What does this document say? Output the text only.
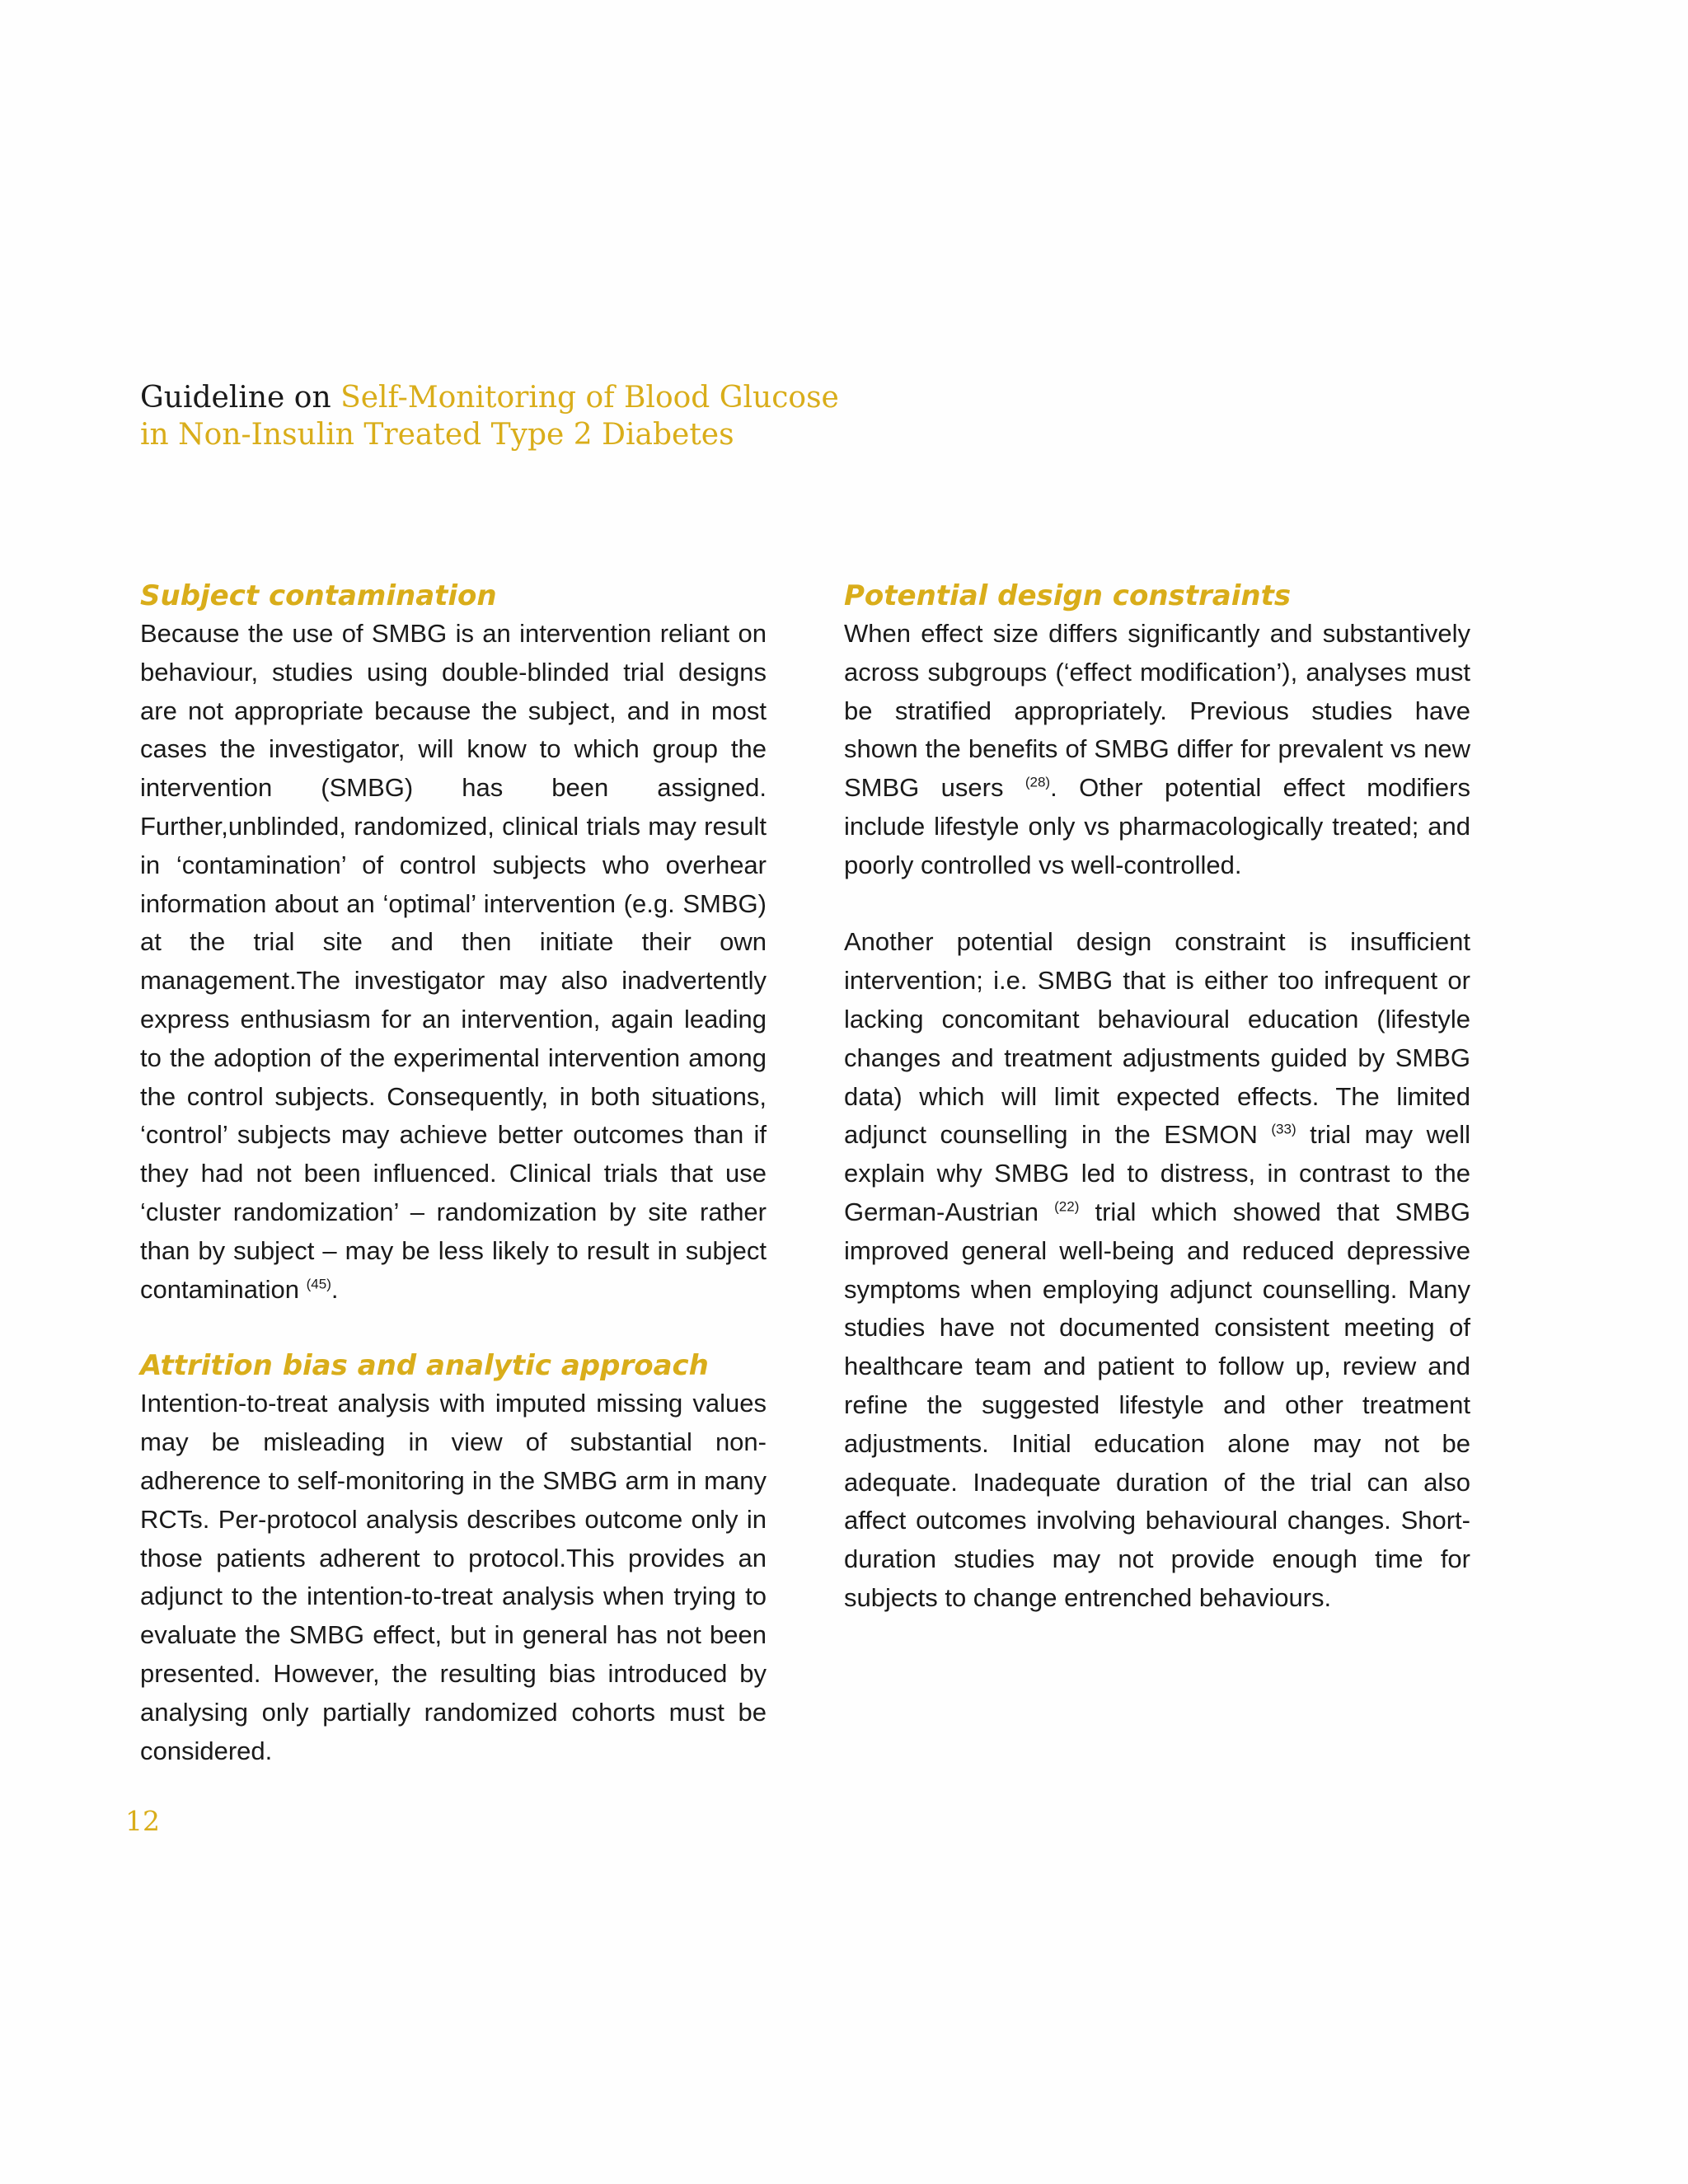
Guideline on Self-Monitoring of Blood Glucose
in Non-Insulin Treated Type 2 Diabetes
Subject contamination

Because the use of SMBG is an intervention reliant on behaviour, studies using double-blinded trial designs are not appropriate because the subject, and in most cases the investigator, will know to which group the intervention (SMBG) has been assigned. Further,unblinded, randomized, clinical trials may result in ‘contamination’ of control subjects who overhear information about an ‘optimal’ intervention (e.g. SMBG) at the trial site and then initiate their own management.The investigator may also inadvertently express enthusiasm for an intervention, again leading to the adoption of the experimental intervention among the control subjects. Consequently, in both situations, ‘control’ subjects may achieve better outcomes than if they had not been influenced. Clinical trials that use ‘cluster randomization’ – randomization by site rather than by subject – may be less likely to result in subject contamination $^{(45)}$.

Attrition bias and analytic approach

Intention-to-treat analysis with imputed missing values may be misleading in view of substantial non-adherence to self-monitoring in the SMBG arm in many RCTs. Per-protocol analysis describes outcome only in those patients adherent to protocol.This provides an adjunct to the intention-to-treat analysis when trying to evaluate the SMBG effect, but in general has not been presented. However, the resulting bias introduced by analysing only partially randomized cohorts must be considered.

Potential design constraints

When effect size differs significantly and substantively across subgroups (‘effect modification’), analyses must be stratified appropriately. Previous studies have shown the benefits of SMBG differ for prevalent vs new SMBG users $^{(28)}$. Other potential effect modifiers include lifestyle only vs pharmacologically treated; and poorly controlled vs well-controlled.

Another potential design constraint is insufficient intervention; i.e. SMBG that is either too infrequent or lacking concomitant behavioural education (lifestyle changes and treatment adjustments guided by SMBG data) which will limit expected effects. The limited adjunct counselling in the ESMON $^{(33)}$ trial may well explain why SMBG led to distress, in contrast to the German-Austrian $^{(22)}$ trial which showed that SMBG improved general well-being and reduced depressive symptoms when employing adjunct counselling. Many studies have not documented consistent meeting of healthcare team and patient to follow up, review and refine the suggested lifestyle and other treatment adjustments. Initial education alone may not be adequate. Inadequate duration of the trial can also affect outcomes involving behavioural changes. Short-duration studies may not provide enough time for subjects to change entrenched behaviours.

12
